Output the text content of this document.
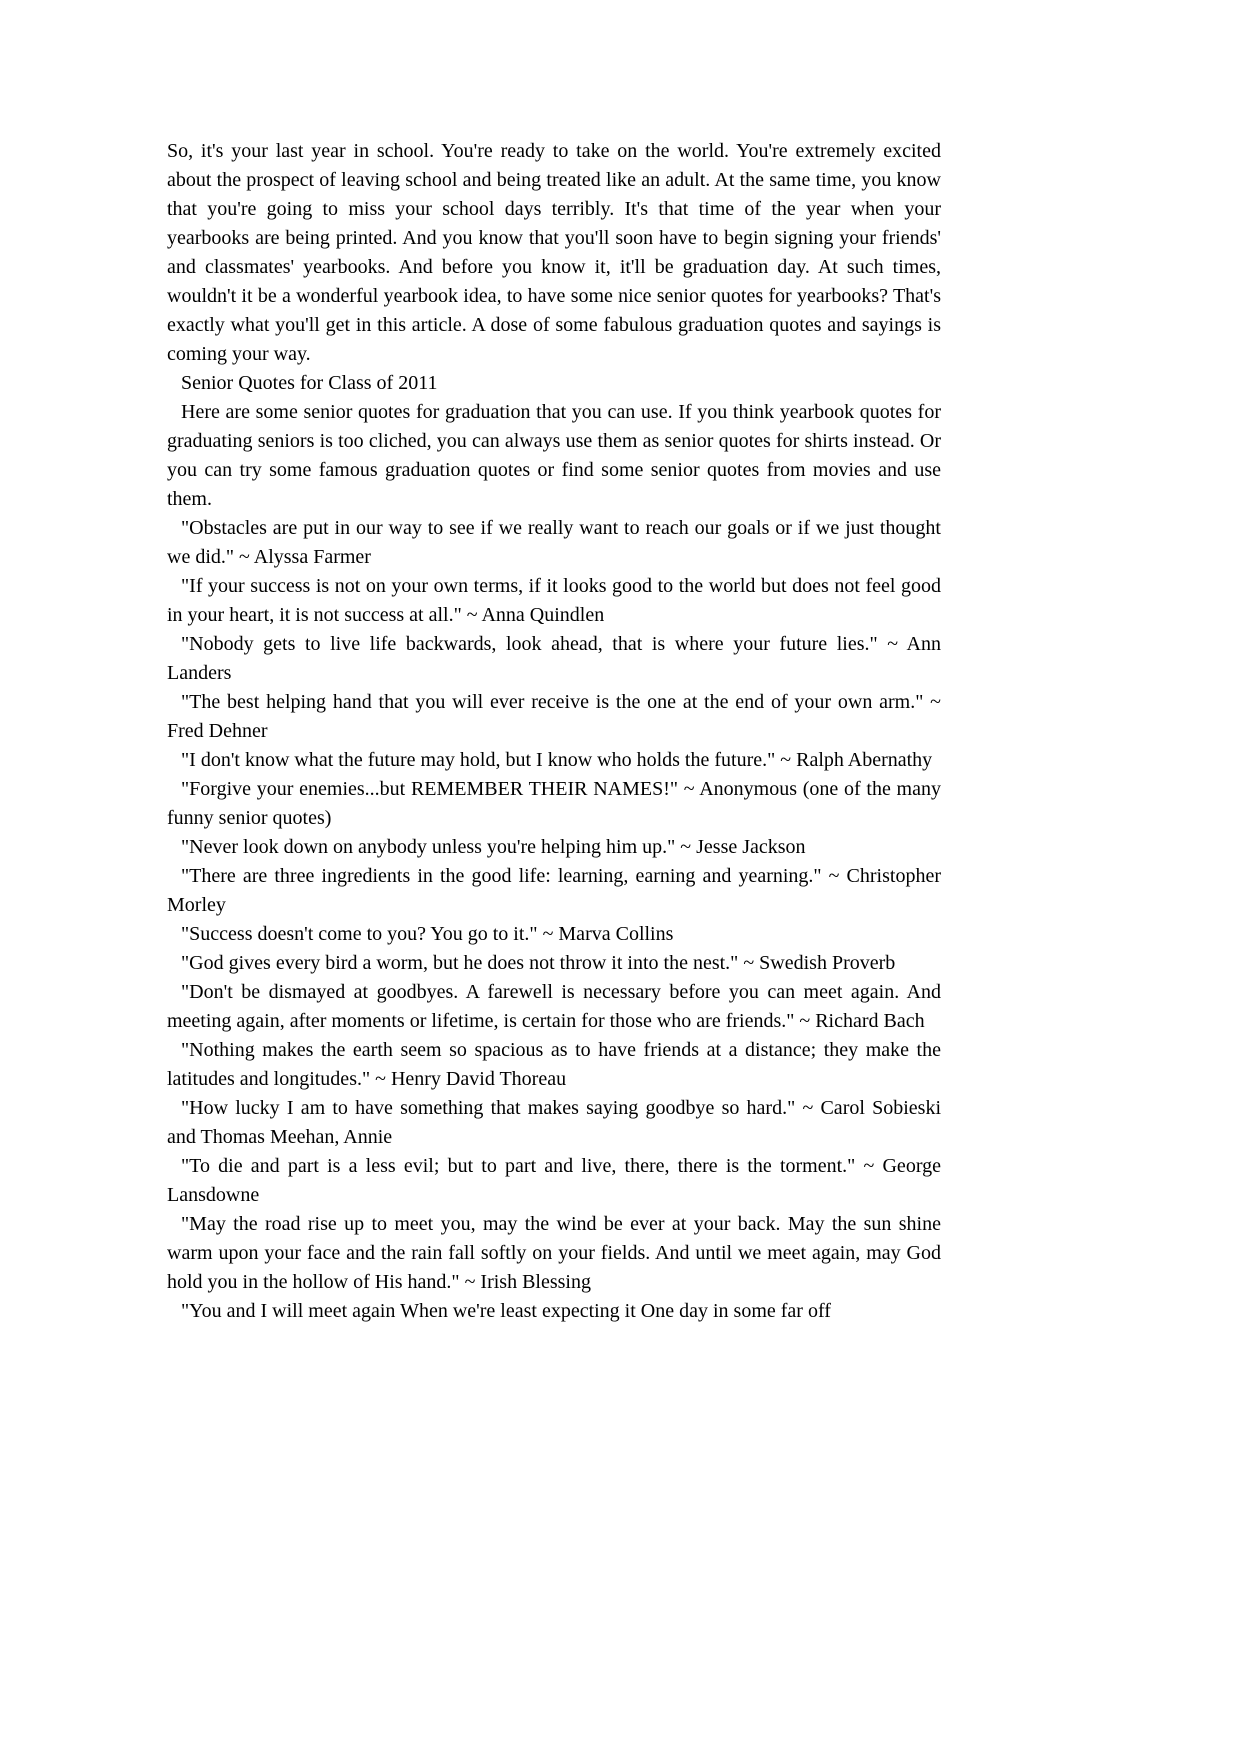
So, it's your last year in school. You're ready to take on the world. You're extremely excited about the prospect of leaving school and being treated like an adult. At the same time, you know that you're going to miss your school days terribly. It's that time of the year when your yearbooks are being printed. And you know that you'll soon have to begin signing your friends' and classmates' yearbooks. And before you know it, it'll be graduation day. At such times, wouldn't it be a wonderful yearbook idea, to have some nice senior quotes for yearbooks? That's exactly what you'll get in this article. A dose of some fabulous graduation quotes and sayings is coming your way.

Senior Quotes for Class of 2011

Here are some senior quotes for graduation that you can use. If you think yearbook quotes for graduating seniors is too cliched, you can always use them as senior quotes for shirts instead. Or you can try some famous graduation quotes or find some senior quotes from movies and use them.

"Obstacles are put in our way to see if we really want to reach our goals or if we just thought we did." ~ Alyssa Farmer

"If your success is not on your own terms, if it looks good to the world but does not feel good in your heart, it is not success at all." ~ Anna Quindlen

"Nobody gets to live life backwards, look ahead, that is where your future lies." ~ Ann Landers

"The best helping hand that you will ever receive is the one at the end of your own arm." ~ Fred Dehner

"I don't know what the future may hold, but I know who holds the future." ~ Ralph Abernathy

"Forgive your enemies...but REMEMBER THEIR NAMES!" ~ Anonymous (one of the many funny senior quotes)

"Never look down on anybody unless you're helping him up." ~ Jesse Jackson

"There are three ingredients in the good life: learning, earning and yearning." ~ Christopher Morley

"Success doesn't come to you? You go to it." ~ Marva Collins

"God gives every bird a worm, but he does not throw it into the nest." ~ Swedish Proverb

"Don't be dismayed at goodbyes. A farewell is necessary before you can meet again. And meeting again, after moments or lifetime, is certain for those who are friends." ~ Richard Bach

"Nothing makes the earth seem so spacious as to have friends at a distance; they make the latitudes and longitudes." ~ Henry David Thoreau

"How lucky I am to have something that makes saying goodbye so hard." ~ Carol Sobieski and Thomas Meehan, Annie

"To die and part is a less evil; but to part and live, there, there is the torment." ~ George Lansdowne

"May the road rise up to meet you, may the wind be ever at your back. May the sun shine warm upon your face and the rain fall softly on your fields. And until we meet again, may God hold you in the hollow of His hand." ~ Irish Blessing

"You and I will meet again When we're least expecting it One day in some far off
